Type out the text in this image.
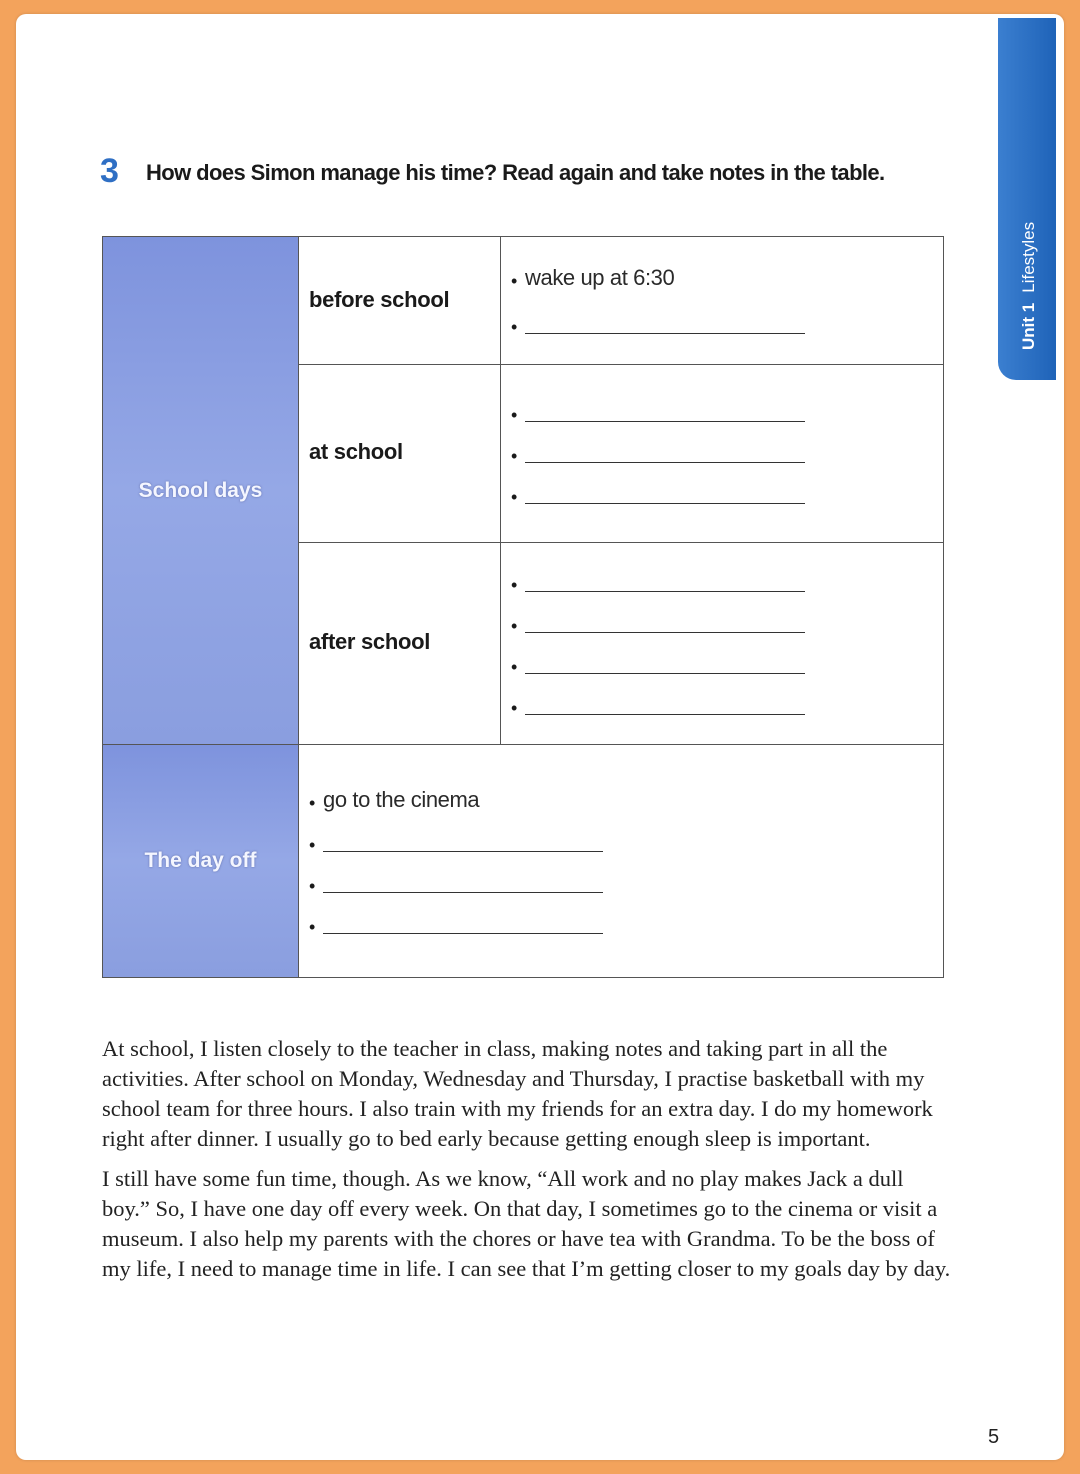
Unit 1Lifestyles
3 How does Simon manage his time? Read again and take notes in the table.
School days
The day off
before school
• wake up at 6:30
•
at school
•
•
•
after school
•
•
•
•
• go to the cinema
•
•
•

At school, I listen closely to the teacher in class, making notes and taking part in all the activities. After school on Monday, Wednesday and Thursday, I practise basketball with my school team for three hours. I also train with my friends for an extra day. I do my homework right after dinner. I usually go to bed early because getting enough sleep is important.

I still have some fun time, though. As we know, “All work and no play makes Jack a dull boy.” So, I have one day off every week. On that day, I sometimes go to the cinema or visit a museum. I also help my parents with the chores or have tea with Grandma. To be the boss of my life, I need to manage time in life. I can see that I’m getting closer to my goals day by day.

5
